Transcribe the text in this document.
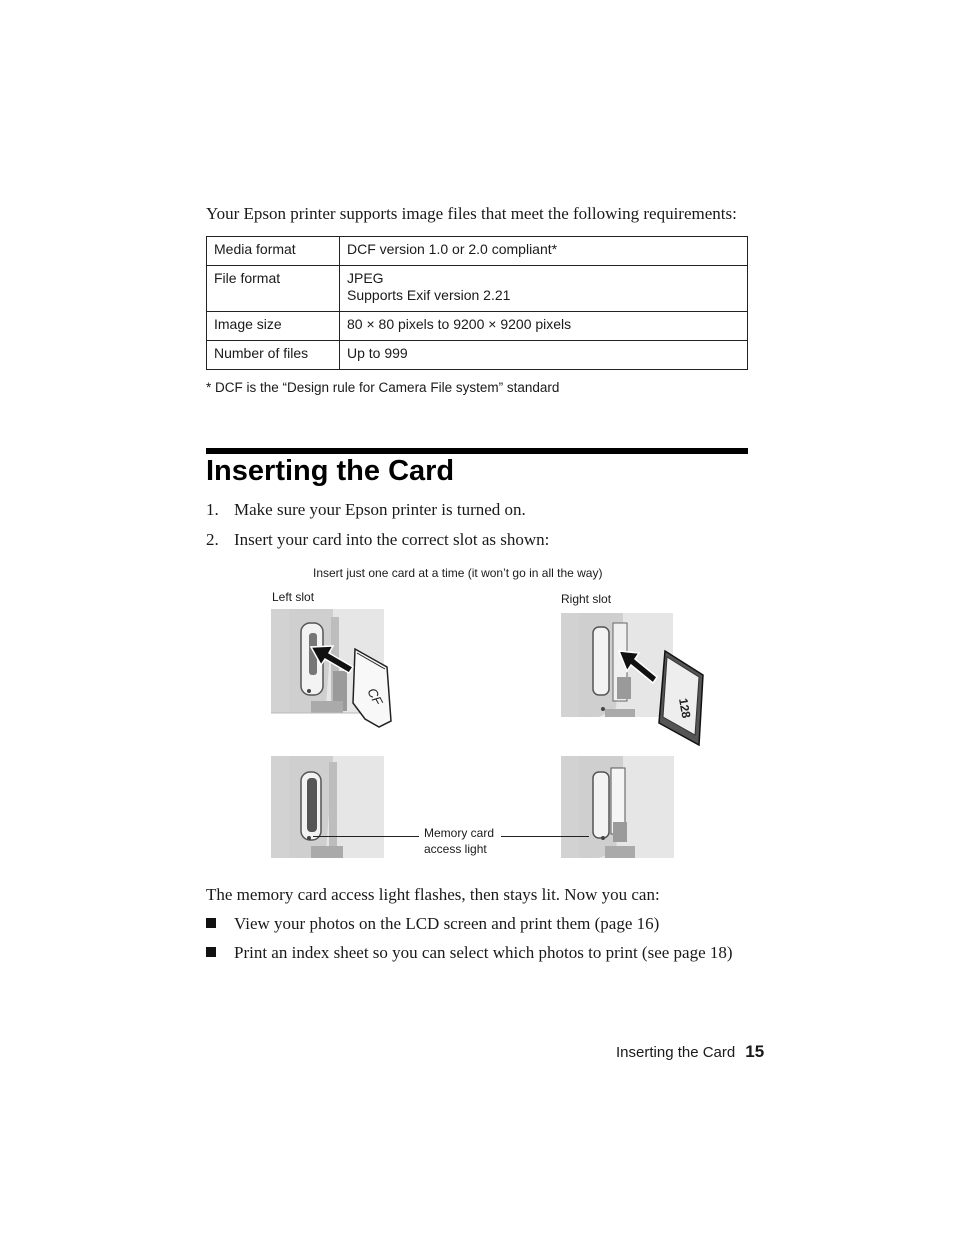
Your Epson printer supports image files that meet the following requirements:
Media format	DCF version 1.0 or 2.0 compliant*

File format	JPEG
Supports Exif version 2.21

Image size	80 × 80 pixels to 9200 × 9200 pixels

Number of files	Up to 999
* DCF is the “Design rule for Camera File system” standard
Inserting the Card
1. Make sure your Epson printer is turned on.
2. Insert your card into the correct slot as shown:
Insert just one card at a time (it won’t go in all the way)
Left slot	Right slot
CF
128
Memory card
access light
The memory card access light flashes, then stays lit. Now you can:
View your photos on the LCD screen and print them (page 16)
Print an index sheet so you can select which photos to print (see page 18)
Inserting the Card 15
